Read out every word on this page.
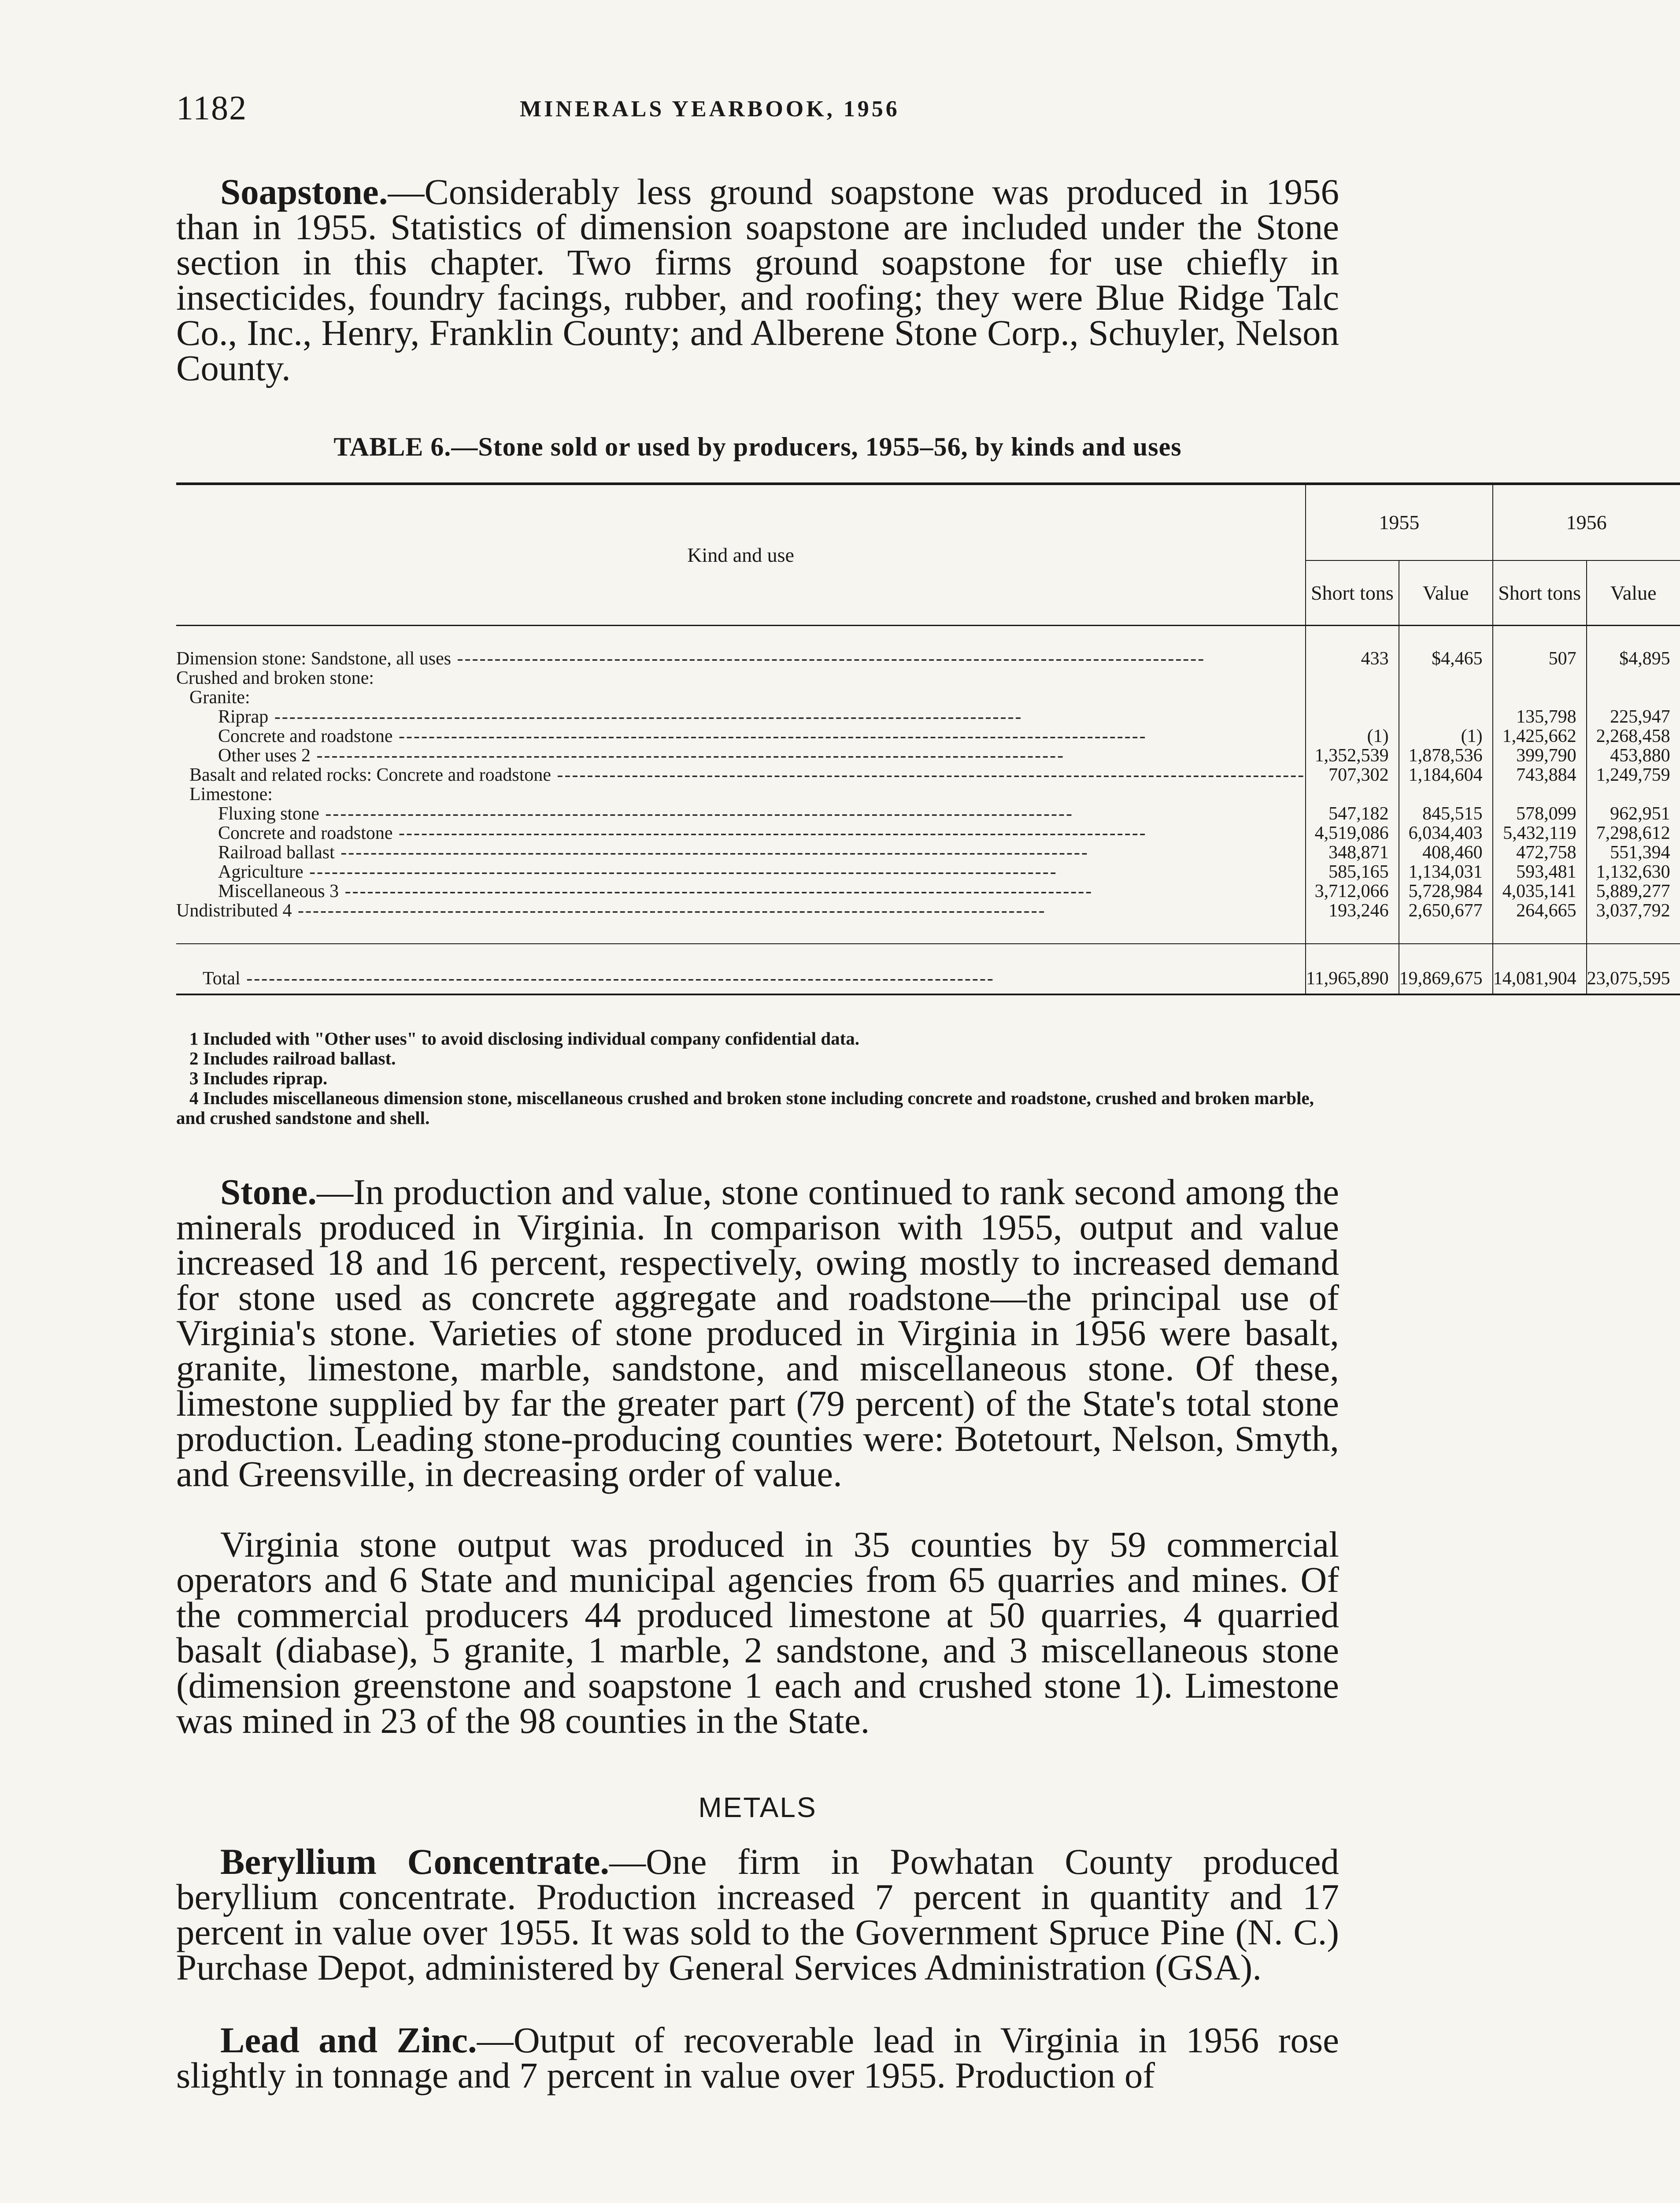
1182	MINERALS YEARBOOK, 1956

Soapstone.—Considerably less ground soapstone was produced in 1956 than in 1955. Statistics of dimension soapstone are included under the Stone section in this chapter. Two firms ground soapstone for use chiefly in insecticides, foundry facings, rubber, and roofing; they were Blue Ridge Talc Co., Inc., Henry, Franklin County; and Alberene Stone Corp., Schuyler, Nelson County.

TABLE 6.—Stone sold or used by producers, 1955–56, by kinds and uses
Kind and use	1955		1956	
	Short tons	Value	Short tons	Value
Dimension stone: Sandstone, all uses -----	433	$4,465	507	$4,895
Crushed and broken stone:				
Granite:				
Riprap -----			135,798	225,947
Concrete and roadstone -----	(1)	(1)	1,425,662	2,268,458
Other uses 2 -----	1,352,539	1,878,536	399,790	453,880
Basalt and related rocks: Concrete and roadstone -----	707,302	1,184,604	743,884	1,249,759
Limestone:				
Fluxing stone -----	547,182	845,515	578,099	962,951
Concrete and roadstone -----	4,519,086	6,034,403	5,432,119	7,298,612
Railroad ballast -----	348,871	408,460	472,758	551,394
Agriculture -----	585,165	1,134,031	593,481	1,132,630
Miscellaneous 3 -----	3,712,066	5,728,984	4,035,141	5,889,277
Undistributed 4 -----	193,246	2,650,677	264,665	3,037,792
Total -----	11,965,890	19,869,675	14,081,904	23,075,595
1 Included with "Other uses" to avoid disclosing individual company confidential data.
2 Includes railroad ballast.
3 Includes riprap.
4 Includes miscellaneous dimension stone, miscellaneous crushed and broken stone including concrete and roadstone, crushed and broken marble, and crushed sandstone and shell.

Stone.—In production and value, stone continued to rank second among the minerals produced in Virginia. In comparison with 1955, output and value increased 18 and 16 percent, respectively, owing mostly to increased demand for stone used as concrete aggregate and roadstone—the principal use of Virginia's stone. Varieties of stone produced in Virginia in 1956 were basalt, granite, limestone, marble, sandstone, and miscellaneous stone. Of these, limestone supplied by far the greater part (79 percent) of the State's total stone production. Leading stone-producing counties were: Botetourt, Nelson, Smyth, and Greensville, in decreasing order of value.

Virginia stone output was produced in 35 counties by 59 commercial operators and 6 State and municipal agencies from 65 quarries and mines. Of the commercial producers 44 produced limestone at 50 quarries, 4 quarried basalt (diabase), 5 granite, 1 marble, 2 sandstone, and 3 miscellaneous stone (dimension greenstone and soapstone 1 each and crushed stone 1). Limestone was mined in 23 of the 98 counties in the State.

METALS

Beryllium Concentrate.—One firm in Powhatan County produced beryllium concentrate. Production increased 7 percent in quantity and 17 percent in value over 1955. It was sold to the Government Spruce Pine (N. C.) Purchase Depot, administered by General Services Administration (GSA).

Lead and Zinc.—Output of recoverable lead in Virginia in 1956 rose slightly in tonnage and 7 percent in value over 1955. Production of
